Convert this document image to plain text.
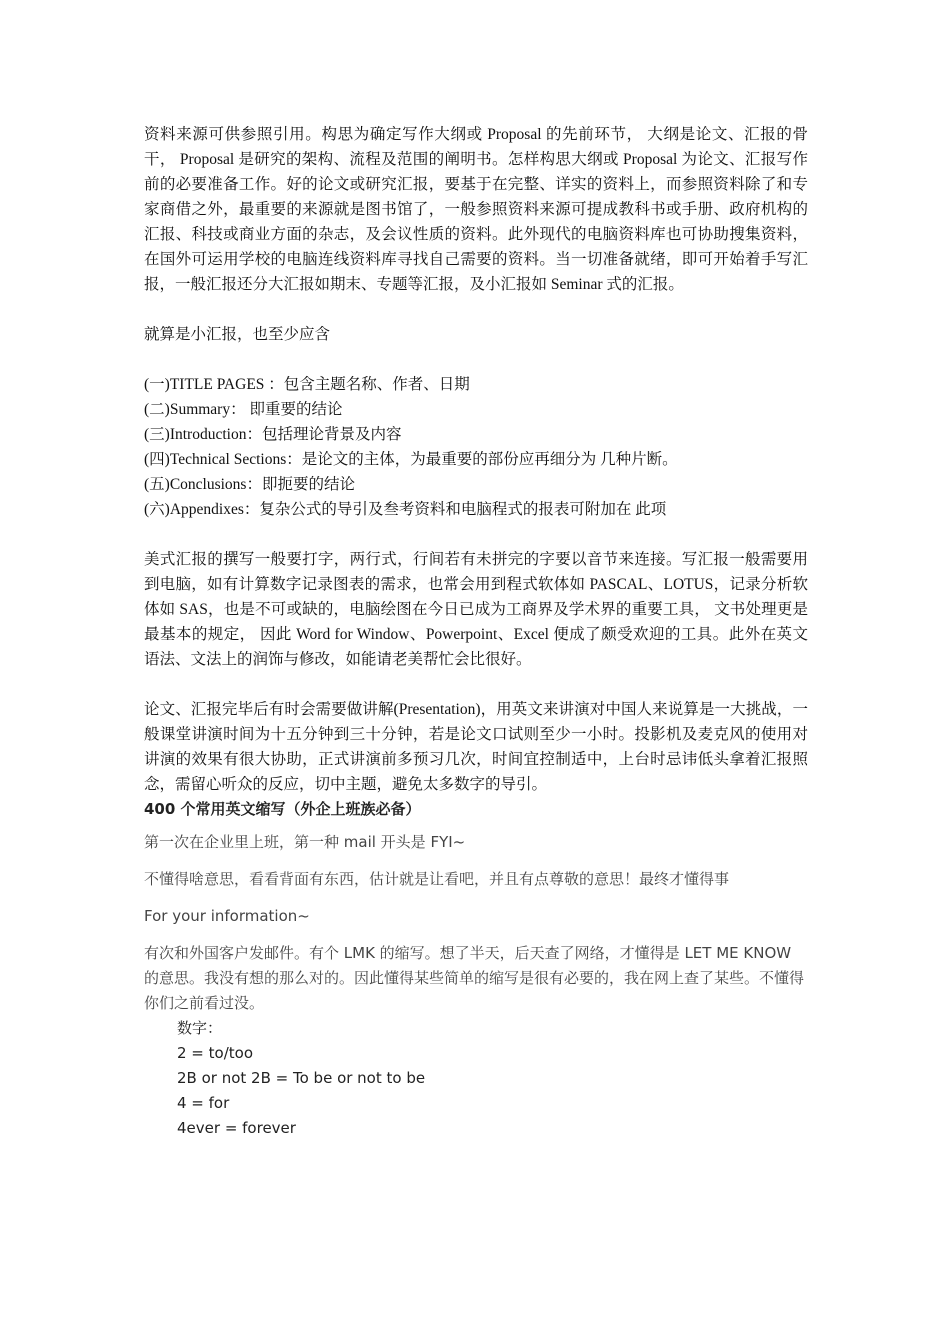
资料来源可供参照引用。构思为确定写作大纲或 Proposal 的先前环节， 大纲是论文、汇报的骨干， Proposal 是研究的架构、流程及范围的阐明书。怎样构思大纲或 Proposal 为论文、汇报写作前的必要准备工作。好的论文或研究汇报，要基于在完整、详实的资料上，而参照资料除了和专家商借之外，最重要的来源就是图书馆了，一般参照资料来源可提成教科书或手册、政府机构的汇报、科技或商业方面的杂志，及会议性质的资料。此外现代的电脑资料库也可协助搜集资料，在国外可运用学校的电脑连线资料库寻找自己需要的资料。当一切准备就绪，即可开始着手写汇报，一般汇报还分大汇报如期末、专题等汇报，及小汇报如 Seminar 式的汇报。

就算是小汇报，也至少应含

(一)TITLE PAGES ：包含主题名称、作者、日期

(二)Summary： 即重要的结论

(三)Introduction：包括理论背景及内容

(四)Technical Sections：是论文的主体，为最重要的部份应再细分为 几种片断。

(五)Conclusions：即扼要的结论

(六)Appendixes：复杂公式的导引及叁考资料和电脑程式的报表可附加在 此项

美式汇报的撰写一般要打字，两行式，行间若有未拼完的字要以音节来连接。写汇报一般需要用到电脑，如有计算数字记录图表的需求，也常会用到程式软体如 PASCAL、LOTUS，记录分析软体如 SAS，也是不可或缺的，电脑绘图在今日已成为工商界及学术界的重要工具， 文书处理更是最基本的规定， 因此 Word for Window、Powerpoint、Excel 便成了颇受欢迎的工具。此外在英文语法、文法上的润饰与修改，如能请老美帮忙会比很好。

论文、汇报完毕后有时会需要做讲解(Presentation)，用英文来讲演对中国人来说算是一大挑战，一般课堂讲演时间为十五分钟到三十分钟，若是论文口试则至少一小时。投影机及麦克风的使用对讲演的效果有很大协助，正式讲演前多预习几次，时间宜控制适中，上台时忌讳低头拿着汇报照念，需留心听众的反应，切中主题，避免太多数字的导引。

400 个常用英文缩写（外企上班族必备）

第一次在企业里上班，第一种 mail 开头是 FYI~

不懂得啥意思，看看背面有东西，估计就是让看吧，并且有点尊敬的意思！最终才懂得事

For your information~

有次和外国客户发邮件。有个 LMK 的缩写。想了半天，后天查了网络，才懂得是 LET ME KNOW 的意思。我没有想的那么对的。因此懂得某些简单的缩写是很有必要的，我在网上查了某些。不懂得你们之前看过没。

数字：

2 = to/too

2B or not 2B = To be or not to be

4 = for

4ever = forever
